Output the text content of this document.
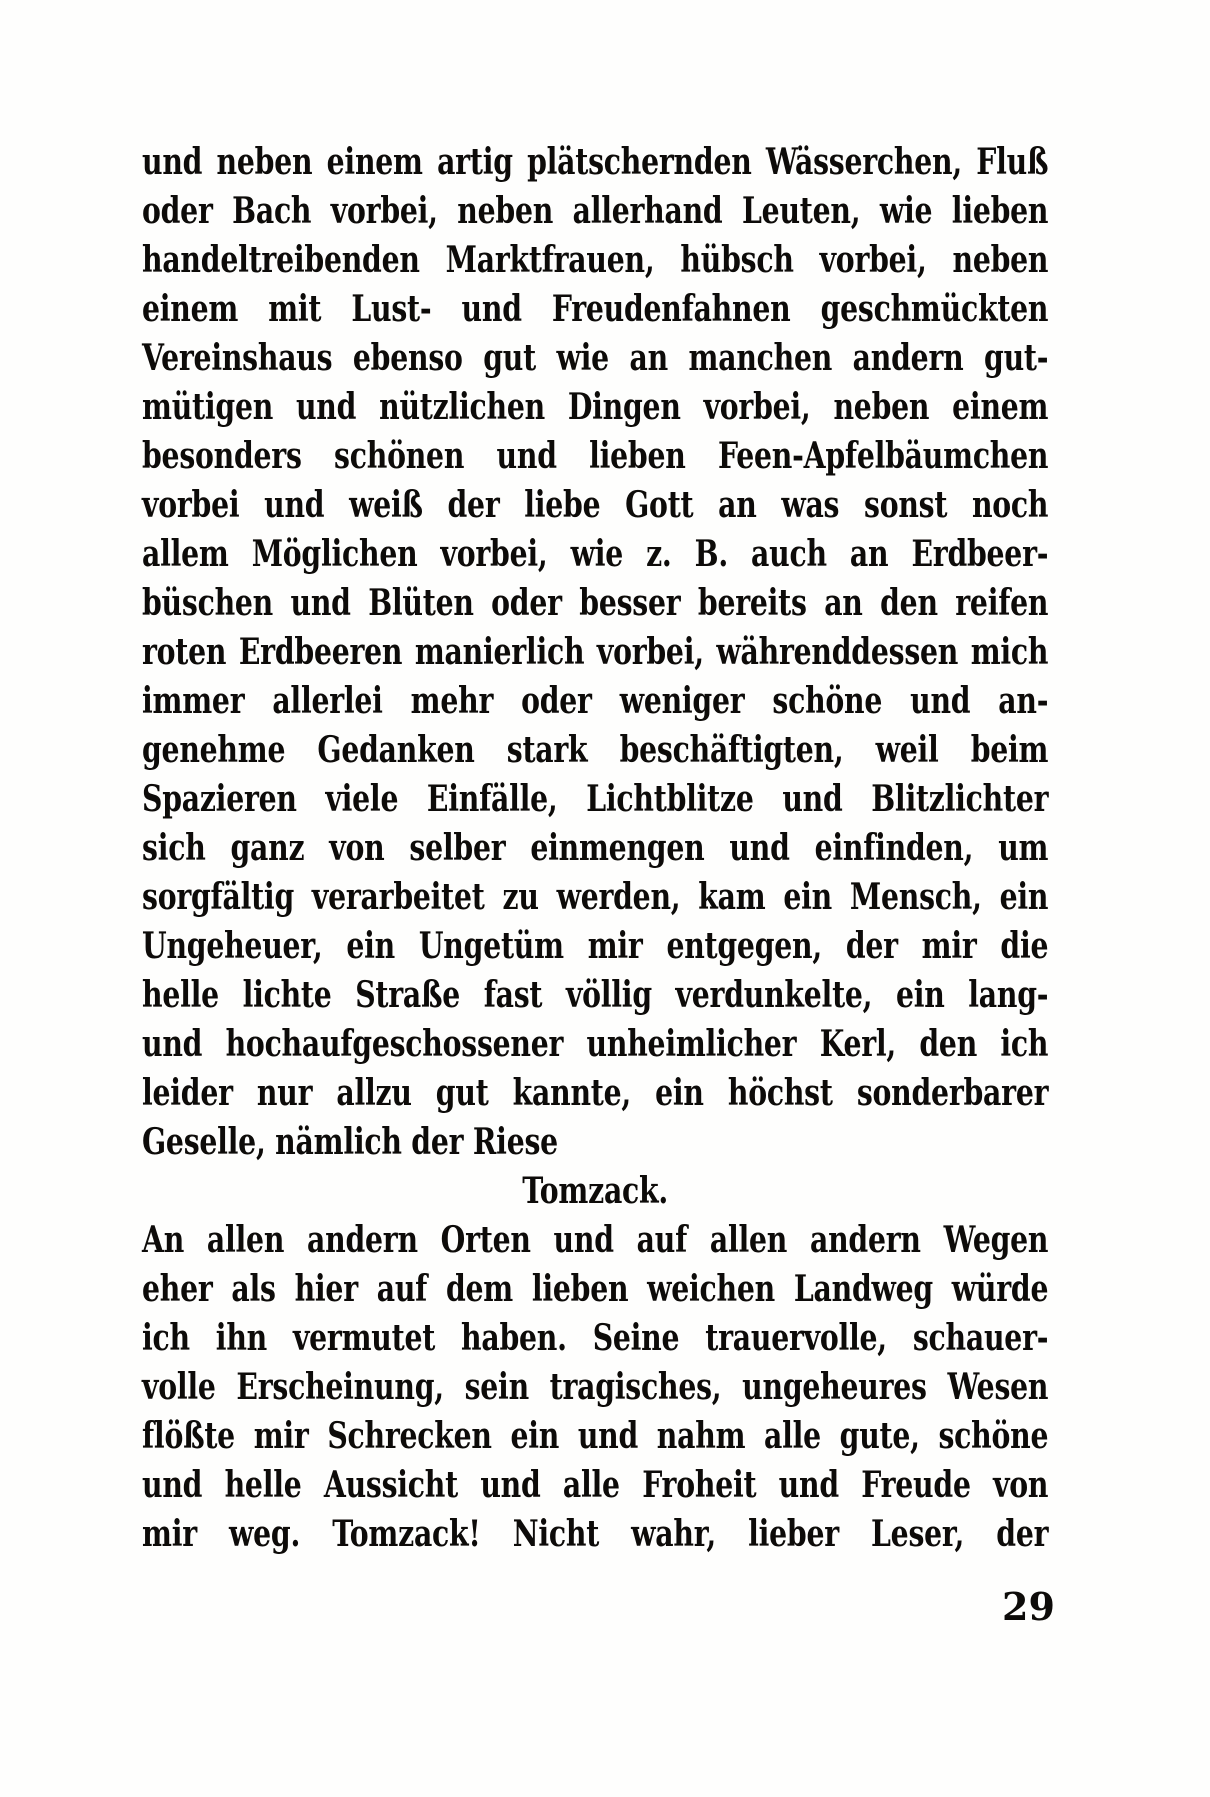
und neben einem artig plätschernden Wässerchen, Fluß
oder Bach vorbei, neben allerhand Leuten, wie lieben
handeltreibenden Marktfrauen, hübsch vorbei, neben
einem mit Lust- und Freudenfahnen geschmückten
Vereinshaus ebenso gut wie an manchen andern gut-
mütigen und nützlichen Dingen vorbei, neben einem
besonders schönen und lieben Feen-Apfelbäumchen
vorbei und weiß der liebe Gott an was sonst noch
allem Möglichen vorbei, wie z. B. auch an Erdbeer-
büschen und Blüten oder besser bereits an den reifen
roten Erdbeeren manierlich vorbei, währenddessen mich
immer allerlei mehr oder weniger schöne und an-
genehme Gedanken stark beschäftigten, weil beim
Spazieren viele Einfälle, Lichtblitze und Blitzlichter
sich ganz von selber einmengen und einfinden, um
sorgfältig verarbeitet zu werden, kam ein Mensch, ein
Ungeheuer, ein Ungetüm mir entgegen, der mir die
helle lichte Straße fast völlig verdunkelte, ein lang-
und hochaufgeschossener unheimlicher Kerl, den ich
leider nur allzu gut kannte, ein höchst sonderbarer
Geselle, nämlich der Riese
Tomzack.
An allen andern Orten und auf allen andern Wegen
eher als hier auf dem lieben weichen Landweg würde
ich ihn vermutet haben. Seine trauervolle, schauer-
volle Erscheinung, sein tragisches, ungeheures Wesen
flößte mir Schrecken ein und nahm alle gute, schöne
und helle Aussicht und alle Froheit und Freude von
mir weg. Tomzack! Nicht wahr, lieber Leser, der
29
